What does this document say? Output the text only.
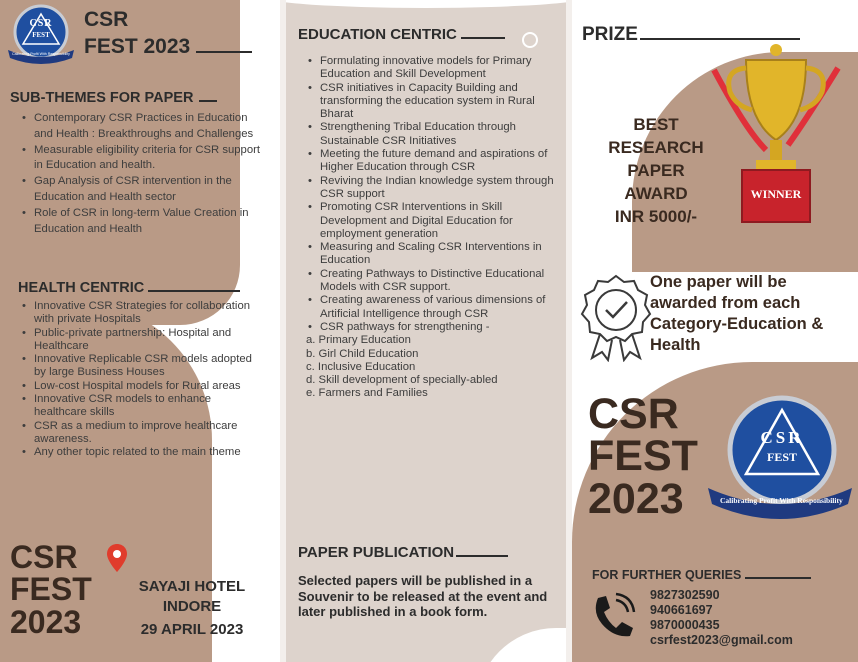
CSR
FEST
Calibrating Profit With Responsibility
CSR
FEST 2023
SUB-THEMES FOR PAPER
• Contemporary CSR Practices in Education and Health : Breakthroughs and Challenges
• Measurable eligibility criteria for CSR support in Education and health.
• Gap Analysis of CSR intervention in the Education and Health sector
• Role of CSR in long-term Value Creation in Education and Health
HEALTH CENTRIC
• Innovative CSR Strategies for collaboration with private Hospitals
• Public-private partnership: Hospital and Healthcare
• Innovative Replicable CSR models adopted by large Business Houses
• Low-cost Hospital models for Rural areas
• Innovative CSR models to enhance healthcare skills
• CSR as a medium to improve healthcare awareness.
• Any other topic related to the main theme
CSR
FEST
2023
SAYAJI HOTEL
INDORE
29 APRIL 2023
EDUCATION CENTRIC
• Formulating innovative models for Primary Education and Skill Development
• CSR initiatives in Capacity Building and transforming the education system in Rural Bharat
• Strengthening Tribal Education through Sustainable CSR Initiatives
• Meeting the future demand and aspirations of Higher Education through CSR
• Reviving the Indian knowledge system through CSR support
• Promoting CSR Interventions in Skill Development and Digital Education for employment generation
• Measuring and Scaling CSR Interventions in Education
• Creating Pathways to Distinctive Educational Models with CSR support.
• Creating awareness of various dimensions of Artificial Intelligence through CSR
• CSR pathways for strengthening -
a. Primary Education
b. Girl Child Education
c. Inclusive Education
d. Skill development of specially-abled
e. Farmers and Families
PAPER PUBLICATION
Selected papers will be published in a Souvenir to be released at the event and later published in a book form.
PRIZE
BEST
RESEARCH
PAPER
AWARD
INR 5000/-
WINNER
One paper will be awarded from each Category-Education & Health
CSR
FEST
2023
CSR
FEST
Calibrating Profit With Responsibility
FOR FURTHER QUERIES
9827302590
940661697
9870000435
csrfest2023@gmail.com
